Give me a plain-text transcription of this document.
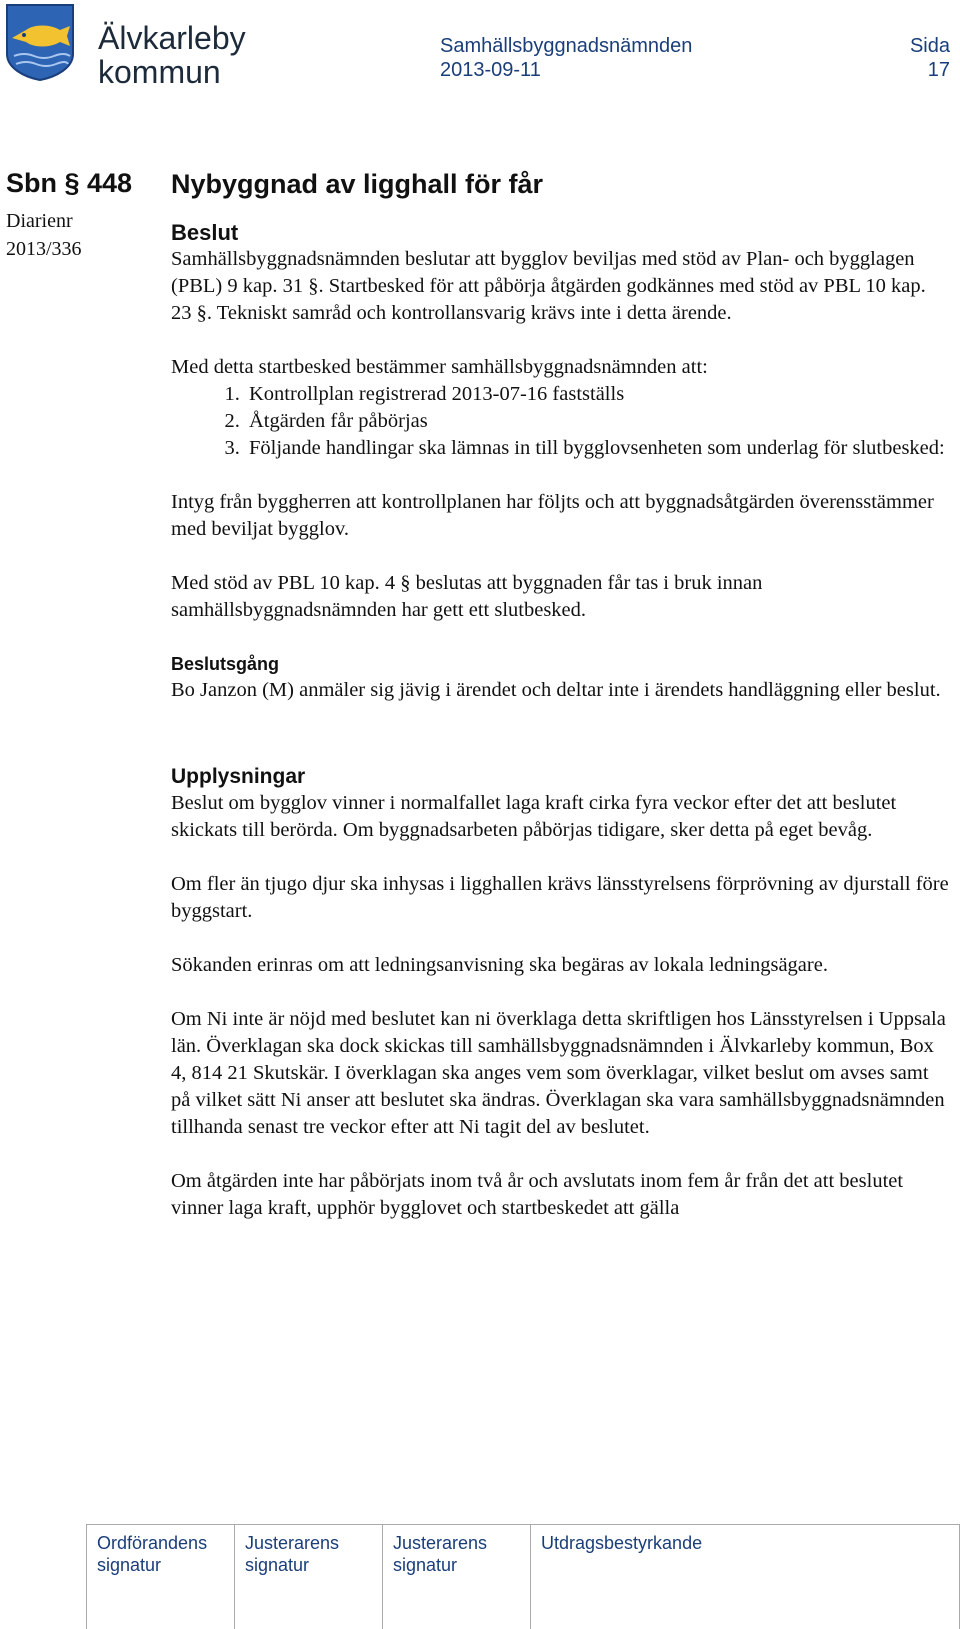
Älvkarleby
kommun
Samhällsbyggnadsnämnden
2013-09-11
Sida
17
Sbn § 448
Diarienr
2013/336

Nybyggnad av ligghall för får

Beslut

Samhällsbyggnadsnämnden beslutar att bygglov beviljas med stöd av Plan- och bygglagen (PBL) 9 kap. 31 §. Startbesked för att påbörja åtgärden godkännes med stöd av PBL 10 kap. 23 §. Tekniskt samråd och kontrollansvarig krävs inte i detta ärende.

Med detta startbesked bestämmer samhällsbyggnadsnämnden att:

1. Kontrollplan registrerad 2013-07-16 fastställs
2. Åtgärden får påbörjas
3. Följande handlingar ska lämnas in till bygglovsenheten som underlag för slutbesked:

Intyg från byggherren att kontrollplanen har följts och att byggnadsåtgärden överensstämmer med beviljat bygglov.

Med stöd av PBL 10 kap. 4 § beslutas att byggnaden får tas i bruk innan samhällsbyggnadsnämnden har gett ett slutbesked.

Beslutsgång

Bo Janzon (M) anmäler sig jävig i ärendet och deltar inte i ärendets handläggning eller beslut.

Upplysningar

Beslut om bygglov vinner i normalfallet laga kraft cirka fyra veckor efter det att beslutet skickats till berörda. Om byggnadsarbeten påbörjas tidigare, sker detta på eget bevåg.

Om fler än tjugo djur ska inhysas i ligghallen krävs länsstyrelsens förprövning av djurstall före byggstart.

Sökanden erinras om att ledningsanvisning ska begäras av lokala ledningsägare.

Om Ni inte är nöjd med beslutet kan ni överklaga detta skriftligen hos Länsstyrelsen i Uppsala län. Överklagan ska dock skickas till samhällsbyggnadsnämnden i Älvkarleby kommun, Box 4, 814 21 Skutskär. I överklagan ska anges vem som överklagar, vilket beslut om avses samt på vilket sätt Ni anser att beslutet ska ändras. Överklagan ska vara samhällsbyggnadsnämnden tillhanda senast tre veckor efter att Ni tagit del av beslutet.

Om åtgärden inte har påbörjats inom två år och avslutats inom fem år från det att beslutet vinner laga kraft, upphör bygglovet och startbeskedet att gälla

Ordförandens
signatur
Justerarens
signatur
Justerarens
signatur
Utdragsbestyrkande
